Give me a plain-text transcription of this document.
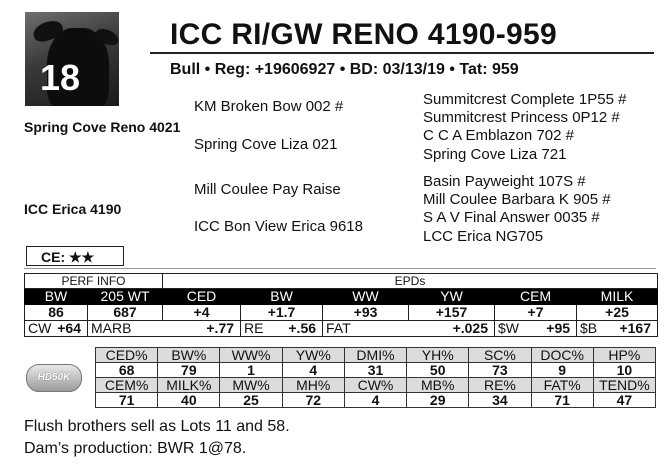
18
ICC RI/GW RENO 4190-959
Bull • Reg: +19606927 • BD: 03/13/19 • Tat: 959
Spring Cove Reno 4021
KM Broken Bow 002 #
Spring Cove Liza 021
Summitcrest Complete 1P55 #
Summitcrest Princess 0P12 #
C C A Emblazon 702 #
Spring Cove Liza 721
ICC Erica 4190
Mill Coulee Pay Raise
ICC Bon View Erica 9618
Basin Payweight 107S #
Mill Coulee Barbara K 905 #
S A V Final Answer 0035 #
LCC Erica NG705
CE: ★★
PERF INFO		EPDs					
BW	205 WT	CED	BW	WW	YW	CEM	MILK
86	687	+4	+1.7	+93	+157	+7	+25
CW +64	MARB +.77		RE +.56	FAT +.025		$W +95	$B +167
HD50K
CED%	BW%	WW%	YW%	DMI%	YH%	SC%	DOC%	HP%
68	79	1	4	31	50	73	9	10
CEM%	MILK%	MW%	MH%	CW%	MB%	RE%	FAT%	TEND%
71	40	25	72	4	29	34	71	47
Flush brothers sell as Lots 11 and 58.
Dam’s production: BWR 1@78.
